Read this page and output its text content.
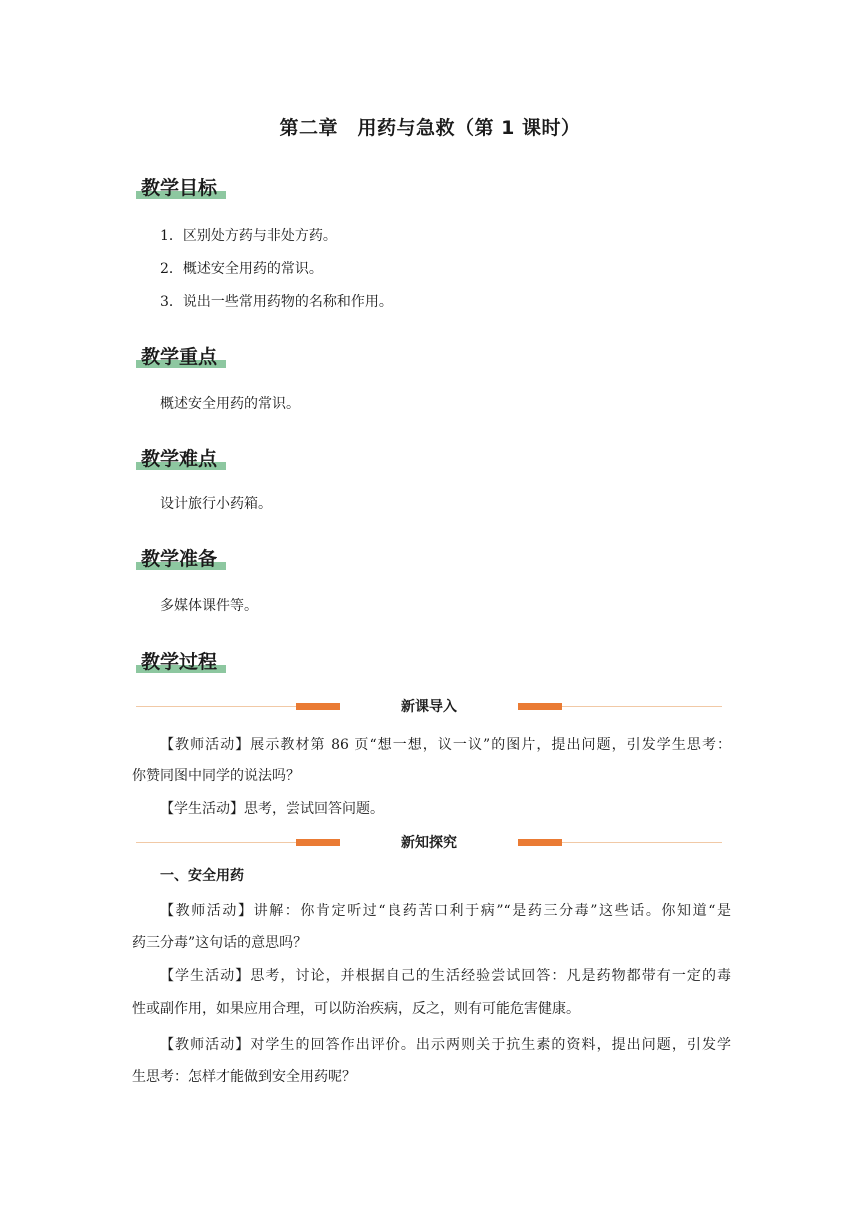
第二章　用药与急救（第 1 课时）
教学目标
1．区别处方药与非处方药。
2．概述安全用药的常识。
3．说出一些常用药物的名称和作用。
教学重点
概述安全用药的常识。
教学难点
设计旅行小药箱。
教学准备
多媒体课件等。
教学过程
新课导入
【教师活动】展示教材第 86 页“想一想，议一议”的图片，提出问题，引发学生思考：
你赞同图中同学的说法吗？
【学生活动】思考，尝试回答问题。
新知探究
一、安全用药
【教师活动】讲解：你肯定听过“良药苦口利于病”“是药三分毒”这些话。你知道“是
药三分毒”这句话的意思吗？
【学生活动】思考，讨论，并根据自己的生活经验尝试回答：凡是药物都带有一定的毒
性或副作用，如果应用合理，可以防治疾病，反之，则有可能危害健康。
【教师活动】对学生的回答作出评价。出示两则关于抗生素的资料，提出问题，引发学
生思考：怎样才能做到安全用药呢？
